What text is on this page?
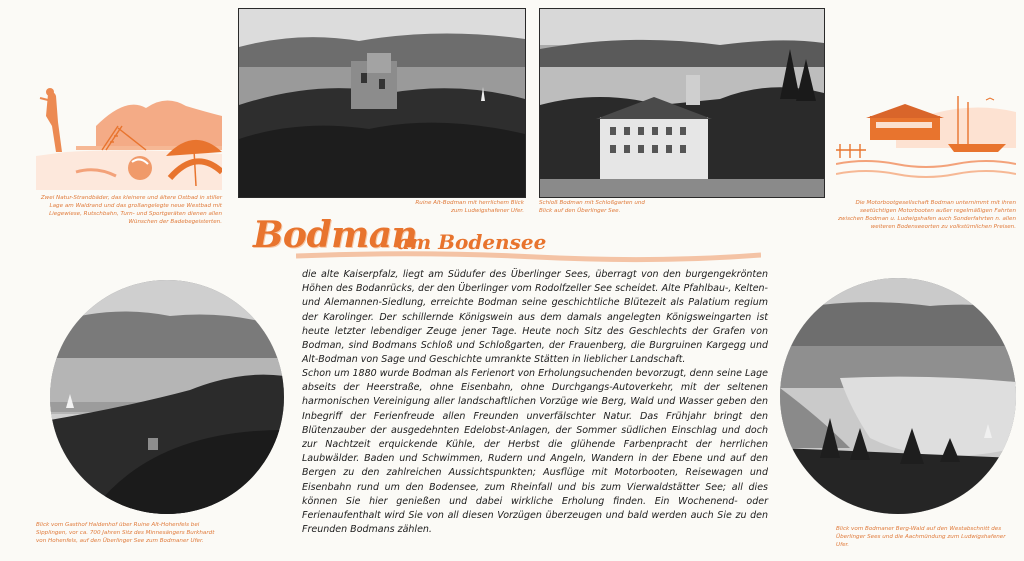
Zwei Natur-Strandbäder, das kleinere und ältere Ostbad in stiller Lage am Waldrand und das großangelegte neue Westbad mit Liegewiese, Rutschbahn, Turn- und Sportgeräten dienen allen Wünschen der Badebegeisterten.
Ruine Alt-Bodman mit herrlichem Blick zum Ludwigshafener Ufer.
Schloß Bodman mit Schloßgarten und Blick auf den Überlinger See.
Die Motorbootgesellschaft Bodman unternimmt mit ihren seetüchtigen Motorbooten außer regelmäßigen Fahrten zwischen Bodman u. Ludwigshafen auch Sonderfahrten n. allen weiteren Bodenseeorten zu volkstümlichen Preisen.
Bodman
am Bodensee

die alte Kaiserpfalz, liegt am Südufer des Überlinger Sees, überragt von den burgengekrönten Höhen des Bodanrücks, der den Überlinger vom Rodolfzeller See scheidet. Alte Pfahlbau-, Kelten- und Alemannen-Siedlung, erreichte Bodman seine geschichtliche Blütezeit als Palatium regium der Karolinger. Der schillernde Königswein aus dem damals angelegten Königsweingarten ist heute letzter lebendiger Zeuge jener Tage. Heute noch Sitz des Geschlechts der Grafen von Bodman, sind Bodmans Schloß und Schloßgarten, der Frauenberg, die Burgruinen Kargegg und Alt-Bodman von Sage und Geschichte umrankte Stätten in lieblicher Landschaft.

Schon um 1880 wurde Bodman als Ferienort von Erholungsuchenden bevorzugt, denn seine Lage abseits der Heerstraße, ohne Eisenbahn, ohne Durchgangs-Autoverkehr, mit der seltenen harmonischen Vereinigung aller landschaftlichen Vorzüge wie Berg, Wald und Wasser geben den Inbegriff der Ferienfreude allen Freunden unverfälschter Natur. Das Frühjahr bringt den Blütenzauber der ausgedehnten Edelobst-Anlagen, der Sommer südlichen Einschlag und doch zur Nachtzeit erquickende Kühle, der Herbst die glühende Farbenpracht der herrlichen Laubwälder. Baden und Schwimmen, Rudern und Angeln, Wandern in der Ebene und auf den Bergen zu den zahlreichen Aussichtspunkten; Ausflüge mit Motorbooten, Reisewagen und Eisenbahn rund um den Bodensee, zum Rheinfall und bis zum Vierwaldstätter See; all dies können Sie hier genießen und dabei wirkliche Erholung finden. Ein Wochenend- oder Ferienaufenthalt wird Sie von all diesen Vorzügen überzeugen und bald werden auch Sie zu den Freunden Bodmans zählen.

Blick vom Gasthof Haldenhof über Ruine Alt-Hohenfels bei Sipplingen, vor ca. 700 Jahren Sitz des Minnesängers Burkhardt von Hohenfels, auf den Überlinger See zum Bodmaner Ufer.
Blick vom Bodmaner Berg-Wald auf den Westabschnitt des Überlinger Sees und die Aachmündung zum Ludwigshafener Ufer.
